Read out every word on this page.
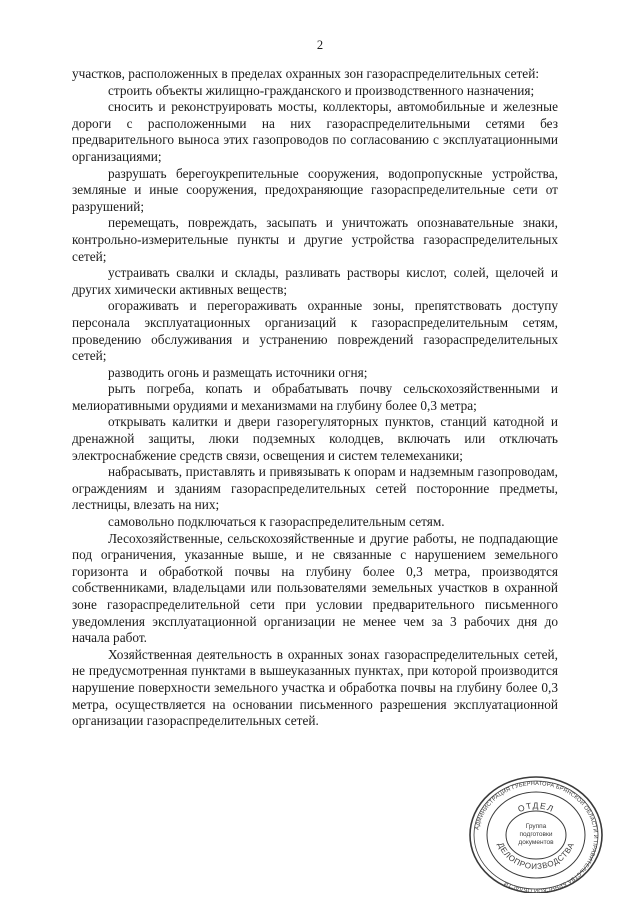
2

участков, расположенных в пределах охранных зон газораспределительных сетей:

строить объекты жилищно-гражданского и производственного назначения;

сносить и реконструировать мосты, коллекторы, автомобильные и железные дороги с расположенными на них газораспределительными сетями без предварительного выноса этих газопроводов по согласованию с эксплуатационными организациями;

разрушать берегоукрепительные сооружения, водопропускные устройства, земляные и иные сооружения, предохраняющие газораспределительные сети от разрушений;

перемещать, повреждать, засыпать и уничтожать опознавательные знаки, контрольно-измерительные пункты и другие устройства газораспределительных сетей;

устраивать свалки и склады, разливать растворы кислот, солей, щелочей и других химически активных веществ;

огораживать и перегораживать охранные зоны, препятствовать доступу персонала эксплуатационных организаций к газораспределительным сетям, проведению обслуживания и устранению повреждений газораспределительных сетей;

разводить огонь и размещать источники огня;

рыть погреба, копать и обрабатывать почву сельскохозяйственными и мелиоративными орудиями и механизмами на глубину более 0,3 метра;

открывать калитки и двери газорегуляторных пунктов, станций катодной и дренажной защиты, люки подземных колодцев, включать или отключать электроснабжение средств связи, освещения и систем телемеханики;

набрасывать, приставлять и привязывать к опорам и надземным газопроводам, ограждениям и зданиям газораспределительных сетей посторонние предметы, лестницы, влезать на них;

самовольно подключаться к газораспределительным сетям.

Лесохозяйственные, сельскохозяйственные и другие работы, не подпадающие под ограничения, указанные выше, и не связанные с нарушением земельного горизонта и обработкой почвы на глубину более 0,3 метра, производятся собственниками, владельцами или пользователями земельных участков в охранной зоне газораспределительной сети при условии предварительного письменного уведомления эксплуатационной организации не менее чем за 3 рабочих дня до начала работ.

Хозяйственная деятельность в охранных зонах газораспределительных сетей, не предусмотренная пунктами в вышеуказанных пунктах, при которой производится нарушение поверхности земельного участка и обработка почвы на глубину более 0,3 метра, осуществляется на основании письменного разрешения эксплуатационной организации газораспределительных сетей.

АДМИНИСТРАЦИЯ ГУБЕРНАТОРА БРЯНСКОЙ ОБЛАСТИ И ПРАВИТЕЛЬСТВА БРЯНСКОЙ ОБЛАСТИ
ОТДЕЛ
ДЕЛОПРОИЗВОДСТВА
Группа
подготовки
документов
